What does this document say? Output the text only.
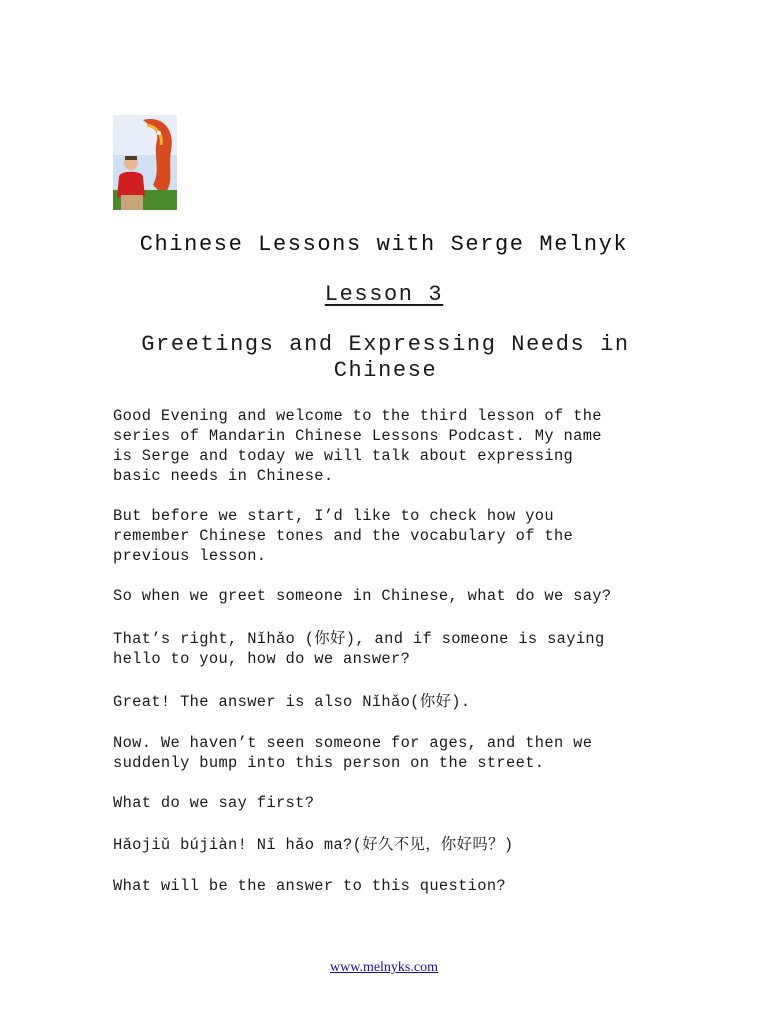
Chinese Lessons with Serge Melnyk
Lesson 3
Greetings and Expressing Needs in Chinese
Good Evening and welcome to the third lesson of the
series of Mandarin Chinese Lessons Podcast. My name
is Serge and today we will talk about expressing
basic needs in Chinese.
But before we start, I’d like to check how you
remember Chinese tones and the vocabulary of the
previous lesson.
So when we greet someone in Chinese, what do we say?
That’s right, Nǐhǎo (你好), and if someone is saying
hello to you, how do we answer?
Great! The answer is also Nǐhǎo(你好).
Now. We haven’t seen someone for ages, and then we
suddenly bump into this person on the street.
What do we say first?
Hǎojiǔ bújiàn! Nǐ hǎo ma?(好久不见，你好吗？)
What will be the answer to this question?
www.melnyks.com
